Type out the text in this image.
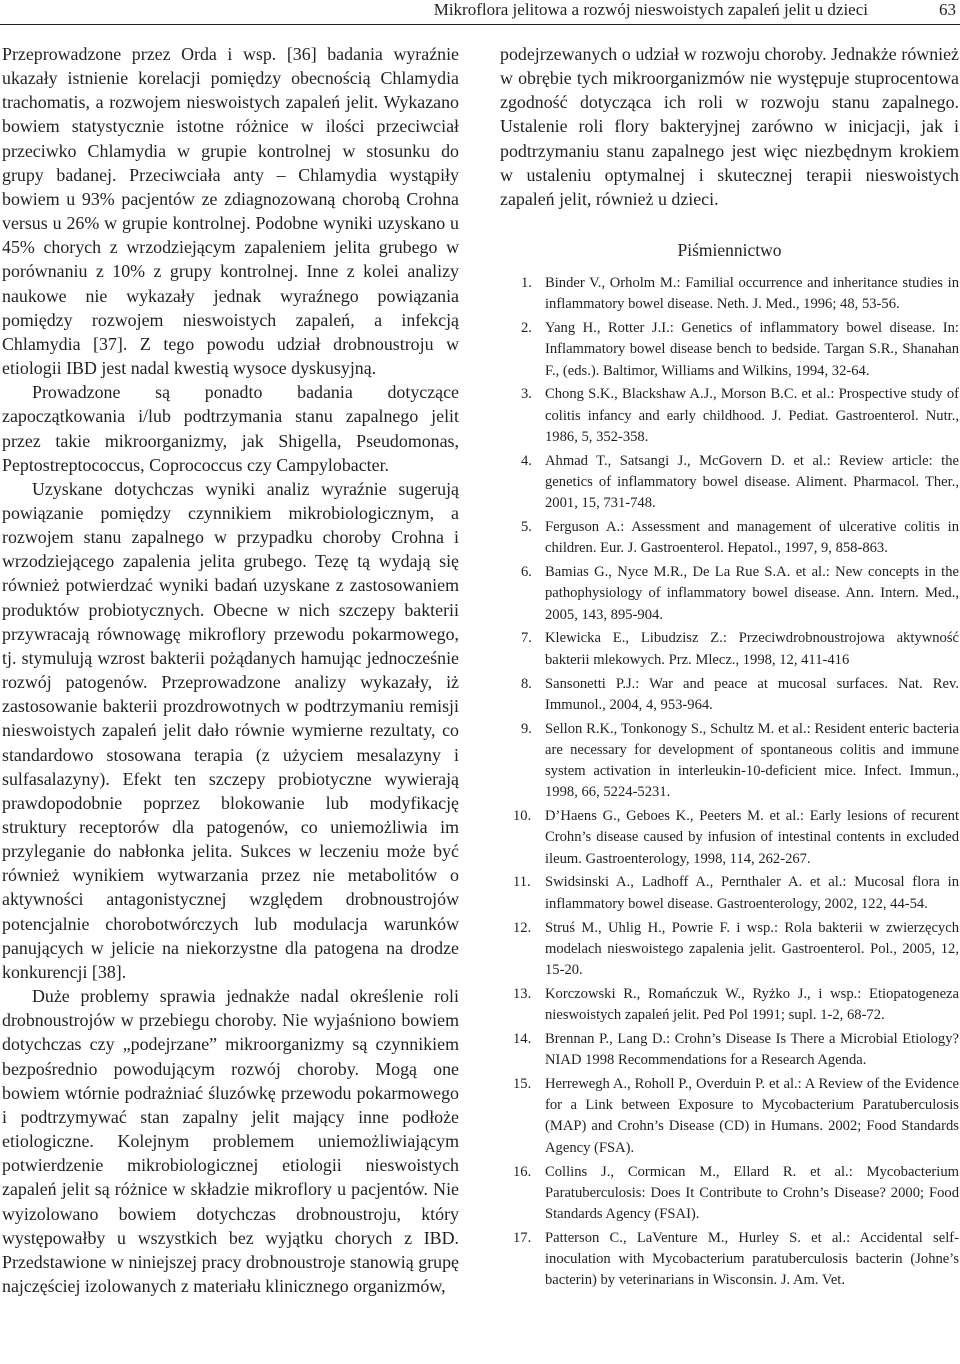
Mikroflora jelitowa a rozwój nieswoistych zapaleń jelit u dzieci	63

Przeprowadzone przez Orda i wsp. [36] badania wyraźnie ukazały istnienie korelacji pomiędzy obecnością Chlamydia trachomatis, a rozwojem nieswoistych zapaleń jelit. Wykazano bowiem statystycznie istotne różnice w ilości przeciwciał przeciwko Chlamydia w grupie kontrolnej w stosunku do grupy badanej. Przeciwciała anty – Chlamydia wystąpiły bowiem u 93% pacjentów ze zdiagnozowaną chorobą Crohna versus u 26% w grupie kontrolnej. Podobne wyniki uzyskano u 45% chorych z wrzodziejącym zapaleniem jelita grubego w porównaniu z 10% z grupy kontrolnej. Inne z kolei analizy naukowe nie wykazały jednak wyraźnego powiązania pomiędzy rozwojem nieswoistych zapaleń, a infekcją Chlamydia [37]. Z tego powodu udział drobnoustroju w etiologii IBD jest nadal kwestią wysoce dyskusyjną.

Prowadzone są ponadto badania dotyczące zapoczątkowania i/lub podtrzymania stanu zapalnego jelit przez takie mikroorganizmy, jak Shigella, Pseudomonas, Peptostreptococcus, Coprococcus czy Campylobacter.

Uzyskane dotychczas wyniki analiz wyraźnie sugerują powiązanie pomiędzy czynnikiem mikrobiologicznym, a rozwojem stanu zapalnego w przypadku choroby Crohna i wrzodziejącego zapalenia jelita grubego. Tezę tą wydają się również potwierdzać wyniki badań uzyskane z zastosowaniem produktów probiotycznych. Obecne w nich szczepy bakterii przywracają równowagę mikroflory przewodu pokarmowego, tj. stymulują wzrost bakterii pożądanych hamując jednocześnie rozwój patogenów. Przeprowadzone analizy wykazały, iż zastosowanie bakterii prozdrowotnych w podtrzymaniu remisji nieswoistych zapaleń jelit dało równie wymierne rezultaty, co standardowo stosowana terapia (z użyciem mesalazyny i sulfasalazyny). Efekt ten szczepy probiotyczne wywierają prawdopodobnie poprzez blokowanie lub modyfikację struktury receptorów dla patogenów, co uniemożliwia im przyleganie do nabłonka jelita. Sukces w leczeniu może być również wynikiem wytwarzania przez nie metabolitów o aktywności antagonistycznej względem drobnoustrojów potencjalnie chorobotwórczych lub modulacja warunków panujących w jelicie na niekorzystne dla patogena na drodze konkurencji [38].

Duże problemy sprawia jednakże nadal określenie roli drobnoustrojów w przebiegu choroby. Nie wyjaśniono bowiem dotychczas czy „podejrzane” mikroorganizmy są czynnikiem bezpośrednio powodującym rozwój choroby. Mogą one bowiem wtórnie podrażniać śluzówkę przewodu pokarmowego i podtrzymywać stan zapalny jelit mający inne podłoże etiologiczne. Kolejnym problemem uniemożliwiającym potwierdzenie mikrobiologicznej etiologii nieswoistych zapaleń jelit są różnice w składzie mikroflory u pacjentów. Nie wyizolowano bowiem dotychczas drobnoustroju, który występowałby u wszystkich bez wyjątku chorych z IBD. Przedstawione w niniejszej pracy drobnoustroje stanowią grupę najczęściej izolowanych z materiału klinicznego organizmów,

podejrzewanych o udział w rozwoju choroby. Jednakże również w obrębie tych mikroorganizmów nie występuje stuprocentowa zgodność dotycząca ich roli w rozwoju stanu zapalnego. Ustalenie roli flory bakteryjnej zarówno w inicjacji, jak i podtrzymaniu stanu zapalnego jest więc niezbędnym krokiem w ustaleniu optymalnej i skutecznej terapii nieswoistych zapaleń jelit, również u dzieci.

Piśmiennictwo
1. Binder V., Orholm M.: Familial occurrence and inheritance studies in inflammatory bowel disease. Neth. J. Med., 1996; 48, 53-56.
2. Yang H., Rotter J.I.: Genetics of inflammatory bowel disease. In: Inflammatory bowel disease bench to bedside. Targan S.R., Shanahan F., (eds.). Baltimor, Williams and Wilkins, 1994, 32-64.
3. Chong S.K., Blackshaw A.J., Morson B.C. et al.: Prospective study of colitis infancy and early childhood. J. Pediat. Gastroenterol. Nutr., 1986, 5, 352-358.
4. Ahmad T., Satsangi J., McGovern D. et al.: Review article: the genetics of inflammatory bowel disease. Aliment. Pharmacol. Ther., 2001, 15, 731-748.
5. Ferguson A.: Assessment and management of ulcerative colitis in children. Eur. J. Gastroenterol. Hepatol., 1997, 9, 858-863.
6. Bamias G., Nyce M.R., De La Rue S.A. et al.: New concepts in the pathophysiology of inflammatory bowel disease. Ann. Intern. Med., 2005, 143, 895-904.
7. Klewicka E., Libudzisz Z.: Przeciwdrobnoustrojowa aktywność bakterii mlekowych. Prz. Mlecz., 1998, 12, 411-416
8. Sansonetti P.J.: War and peace at mucosal surfaces. Nat. Rev. Immunol., 2004, 4, 953-964.
9. Sellon R.K., Tonkonogy S., Schultz M. et al.: Resident enteric bacteria are necessary for development of spontaneous colitis and immune system activation in interleukin-10-deficient mice. Infect. Immun., 1998, 66, 5224-5231.
10. D’Haens G., Geboes K., Peeters M. et al.: Early lesions of recurent Crohn’s disease caused by infusion of intestinal contents in excluded ileum. Gastroenterology, 1998, 114, 262-267.
11. Swidsinski A., Ladhoff A., Pernthaler A. et al.: Mucosal flora in inflammatory bowel disease. Gastroenterology, 2002, 122, 44-54.
12. Struś M., Uhlig H., Powrie F. i wsp.: Rola bakterii w zwierzęcych modelach nieswoistego zapalenia jelit. Gastroenterol. Pol., 2005, 12, 15-20.
13. Korczowski R., Romańczuk W., Ryżko J., i wsp.: Etiopatogeneza nieswoistych zapaleń jelit. Ped Pol 1991; supl. 1-2, 68-72.
14. Brennan P., Lang D.: Crohn’s Disease Is There a Microbial Etiology? NIAD 1998 Recommendations for a Research Agenda.
15. Herrewegh A., Roholl P., Overduin P. et al.: A Review of the Evidence for a Link between Exposure to Mycobacterium Paratuberculosis (MAP) and Crohn’s Disease (CD) in Humans. 2002; Food Standards Agency (FSA).
16. Collins J., Cormican M., Ellard R. et al.: Mycobacterium Paratuberculosis: Does It Contribute to Crohn’s Disease? 2000; Food Standards Agency (FSAI).
17. Patterson C., LaVenture M., Hurley S. et al.: Accidental self-inoculation with Mycobacterium paratuberculosis bacterin (Johne’s bacterin) by veterinarians in Wisconsin. J. Am. Vet.
